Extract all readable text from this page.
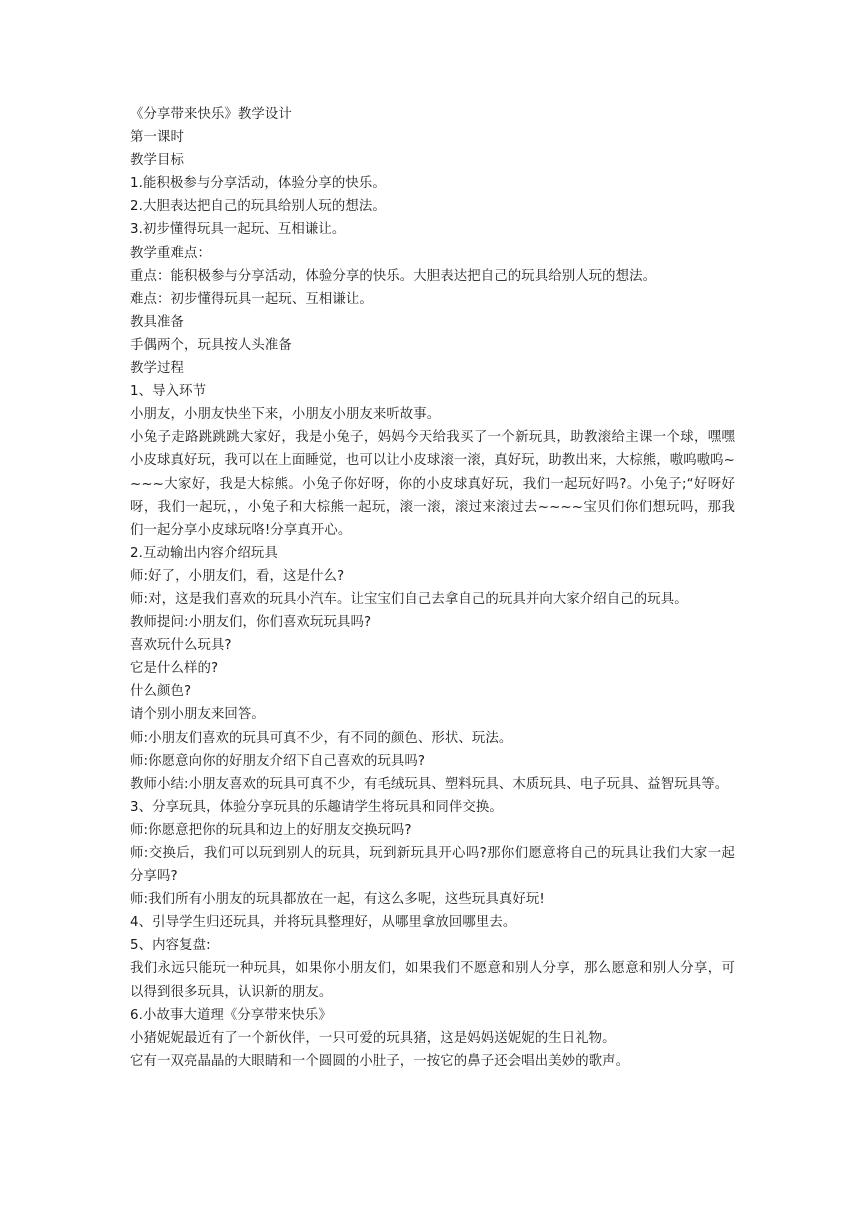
《分享带来快乐》教学设计

第一课时

教学目标

1.能积极参与分享活动，体验分享的快乐。

2.大胆表达把自己的玩具给别人玩的想法。

3.初步懂得玩具一起玩、互相谦让。

教学重难点：

重点：能积极参与分享活动，体验分享的快乐。大胆表达把自己的玩具给别人玩的想法。

难点：初步懂得玩具一起玩、互相谦让。

教具准备

手偶两个，玩具按人头准备

教学过程

1、导入环节

小朋友，小朋友快坐下来，小朋友小朋友来听故事。

小兔子走路跳跳跳大家好，我是小兔子，妈妈今天给我买了一个新玩具，助教滚给主课一个球，嘿嘿小皮球真好玩，我可以在上面睡觉，也可以让小皮球滚一滚，真好玩，助教出来，大棕熊，嗷呜嗷呜~~~~大家好，我是大棕熊。小兔子你好呀，你的小皮球真好玩，我们一起玩好吗?。小兔子;“好呀好呀，我们一起玩，，小兔子和大棕熊一起玩，滚一滚，滚过来滚过去~~~~宝贝们你们想玩吗，那我们一起分享小皮球玩咯!分享真开心。

2.互动输出内容介绍玩具

师:好了，小朋友们，看，这是什么?

师:对，这是我们喜欢的玩具小汽车。让宝宝们自己去拿自己的玩具并向大家介绍自己的玩具。

教师提问:小朋友们，你们喜欢玩玩具吗?

喜欢玩什么玩具?

它是什么样的?

什么颜色?

请个别小朋友来回答。

师:小朋友们喜欢的玩具可真不少，有不同的颜色、形状、玩法。

师:你愿意向你的好朋友介绍下自己喜欢的玩具吗?

教师小结:小朋友喜欢的玩具可真不少，有毛绒玩具、塑料玩具、木质玩具、电子玩具、益智玩具等。

3、分享玩具，体验分享玩具的乐趣请学生将玩具和同伴交换。

师:你愿意把你的玩具和边上的好朋友交换玩吗?

师:交换后，我们可以玩到别人的玩具，玩到新玩具开心吗?那你们愿意将自己的玩具让我们大家一起分享吗?

师:我们所有小朋友的玩具都放在一起，有这么多呢，这些玩具真好玩!

4、引导学生归还玩具，并将玩具整理好，从哪里拿放回哪里去。

5、内容复盘:

我们永远只能玩一种玩具，如果你小朋友们，如果我们不愿意和别人分享，那么愿意和别人分享，可以得到很多玩具，认识新的朋友。

6.小故事大道理《分享带来快乐》

小猪妮妮最近有了一个新伙伴，一只可爱的玩具猪，这是妈妈送妮妮的生日礼物。

它有一双亮晶晶的大眼睛和一个圆圆的小肚子，一按它的鼻子还会唱出美妙的歌声。
